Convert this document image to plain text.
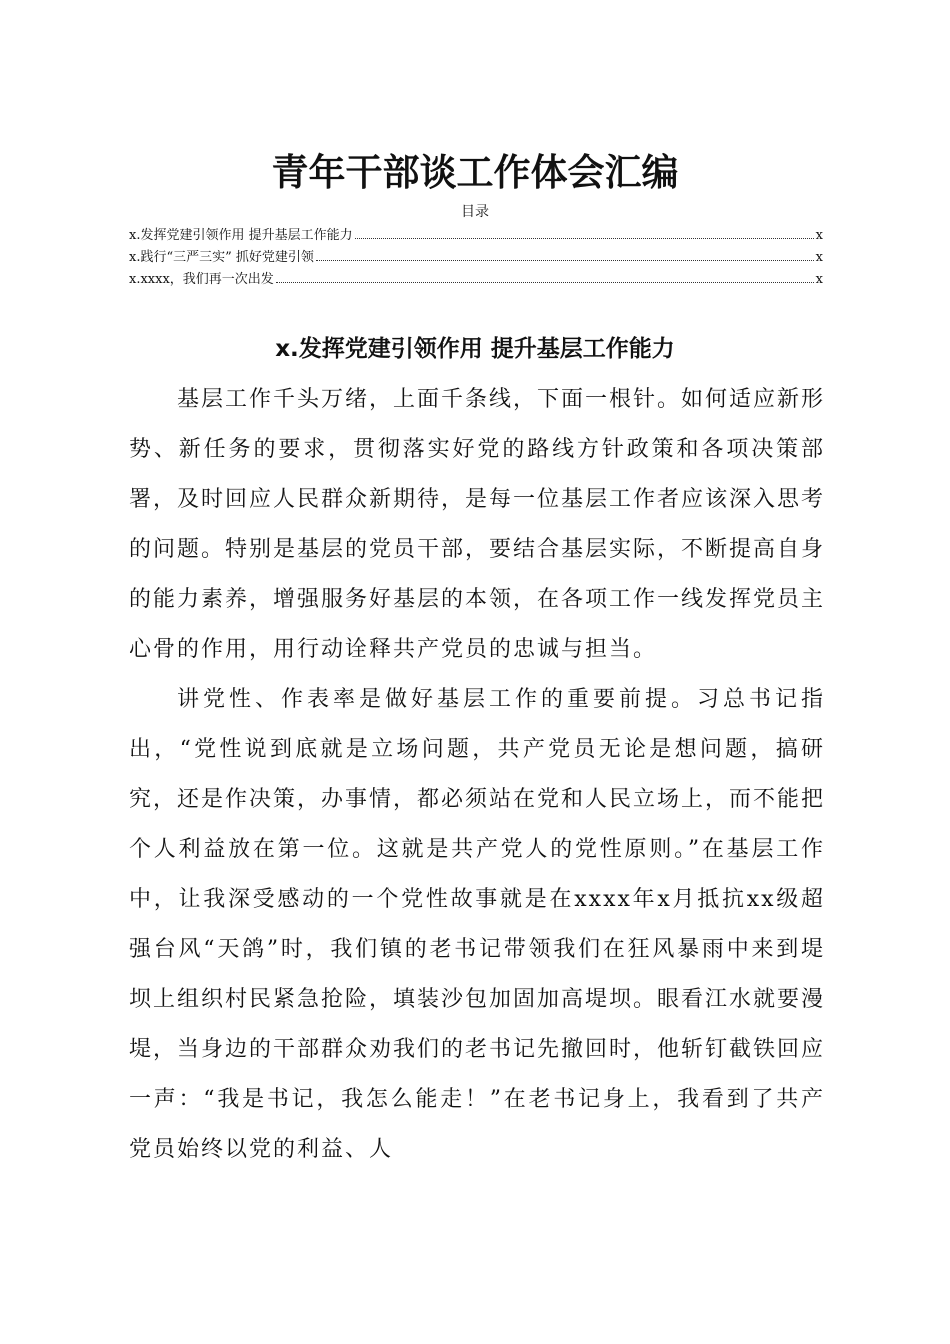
青年干部谈工作体会汇编
目录
x.发挥党建引领作用 提升基层工作能力	x
x.践行“三严三实” 抓好党建引领	x
x.xxxx，我们再一次出发	x
x.发挥党建引领作用 提升基层工作能力

基层工作千头万绪，上面千条线，下面一根针。如何适应新形势、新任务的要求，贯彻落实好党的路线方针政策和各项决策部署，及时回应人民群众新期待，是每一位基层工作者应该深入思考的问题。特别是基层的党员干部，要结合基层实际，不断提高自身的能力素养，增强服务好基层的本领，在各项工作一线发挥党员主心骨的作用，用行动诠释共产党员的忠诚与担当。

讲党性、作表率是做好基层工作的重要前提。习总书记指出，“党性说到底就是立场问题，共产党员无论是想问题，搞研究，还是作决策，办事情，都必须站在党和人民立场上，而不能把个人利益放在第一位。这就是共产党人的党性原则。”在基层工作中，让我深受感动的一个党性故事就是在xxxx年x月抵抗xx级超强台风“天鸽”时，我们镇的老书记带领我们在狂风暴雨中来到堤坝上组织村民紧急抢险，填装沙包加固加高堤坝。眼看江水就要漫堤，当身边的干部群众劝我们的老书记先撤回时，他斩钉截铁回应一声：“我是书记，我怎么能走！”在老书记身上，我看到了共产党员始终以党的利益、人
